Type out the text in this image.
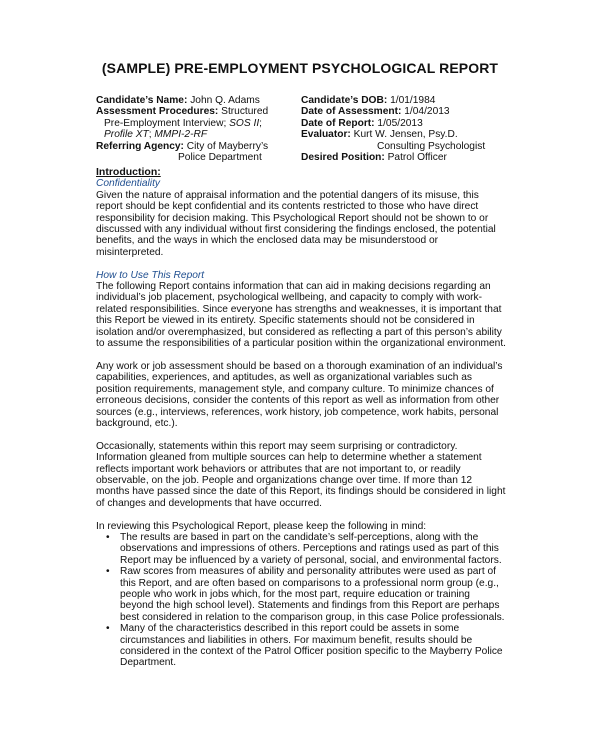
(SAMPLE) PRE-EMPLOYMENT PSYCHOLOGICAL REPORT
Candidate’s Name: John Q. Adams
Assessment Procedures: Structured
Pre-Employment Interview; SOS II;
Profile XT; MMPI-2-RF
Referring Agency: City of Mayberry’s
Police Department
Candidate’s DOB: 1/01/1984
Date of Assessment: 1/04/2013
Date of Report: 1/05/2013
Evaluator: Kurt W. Jensen, Psy.D.
Consulting Psychologist
Desired Position: Patrol Officer
Introduction:
Confidentiality

Given the nature of appraisal information and the potential dangers of its misuse, this report should be kept confidential and its contents restricted to those who have direct responsibility for decision making. This Psychological Report should not be shown to or discussed with any individual without first considering the findings enclosed, the potential benefits, and the ways in which the enclosed data may be misunderstood or misinterpreted.

How to Use This Report

The following Report contains information that can aid in making decisions regarding an individual’s job placement, psychological wellbeing, and capacity to comply with work-related responsibilities. Since everyone has strengths and weaknesses, it is important that this Report be viewed in its entirety. Specific statements should not be considered in isolation and/or overemphasized, but considered as reflecting a part of this person’s ability to assume the responsibilities of a particular position within the organizational environment.

Any work or job assessment should be based on a thorough examination of an individual’s capabilities, experiences, and aptitudes, as well as organizational variables such as position requirements, management style, and company culture. To minimize chances of erroneous decisions, consider the contents of this report as well as information from other sources (e.g., interviews, references, work history, job competence, work habits, personal background, etc.).

Occasionally, statements within this report may seem surprising or contradictory. Information gleaned from multiple sources can help to determine whether a statement reflects important work behaviors or attributes that are not important to, or readily observable, on the job. People and organizations change over time. If more than 12 months have passed since the date of this Report, its findings should be considered in light of changes and developments that have occurred.

In reviewing this Psychological Report, please keep the following in mind:

• The results are based in part on the candidate’s self-perceptions, along with the observations and impressions of others. Perceptions and ratings used as part of this Report may be influenced by a variety of personal, social, and environmental factors.
• Raw scores from measures of ability and personality attributes were used as part of this Report, and are often based on comparisons to a professional norm group (e.g., people who work in jobs which, for the most part, require education or training beyond the high school level). Statements and findings from this Report are perhaps best considered in relation to the comparison group, in this case Police professionals.
• Many of the characteristics described in this report could be assets in some circumstances and liabilities in others. For maximum benefit, results should be considered in the context of the Patrol Officer position specific to the Mayberry Police Department.
